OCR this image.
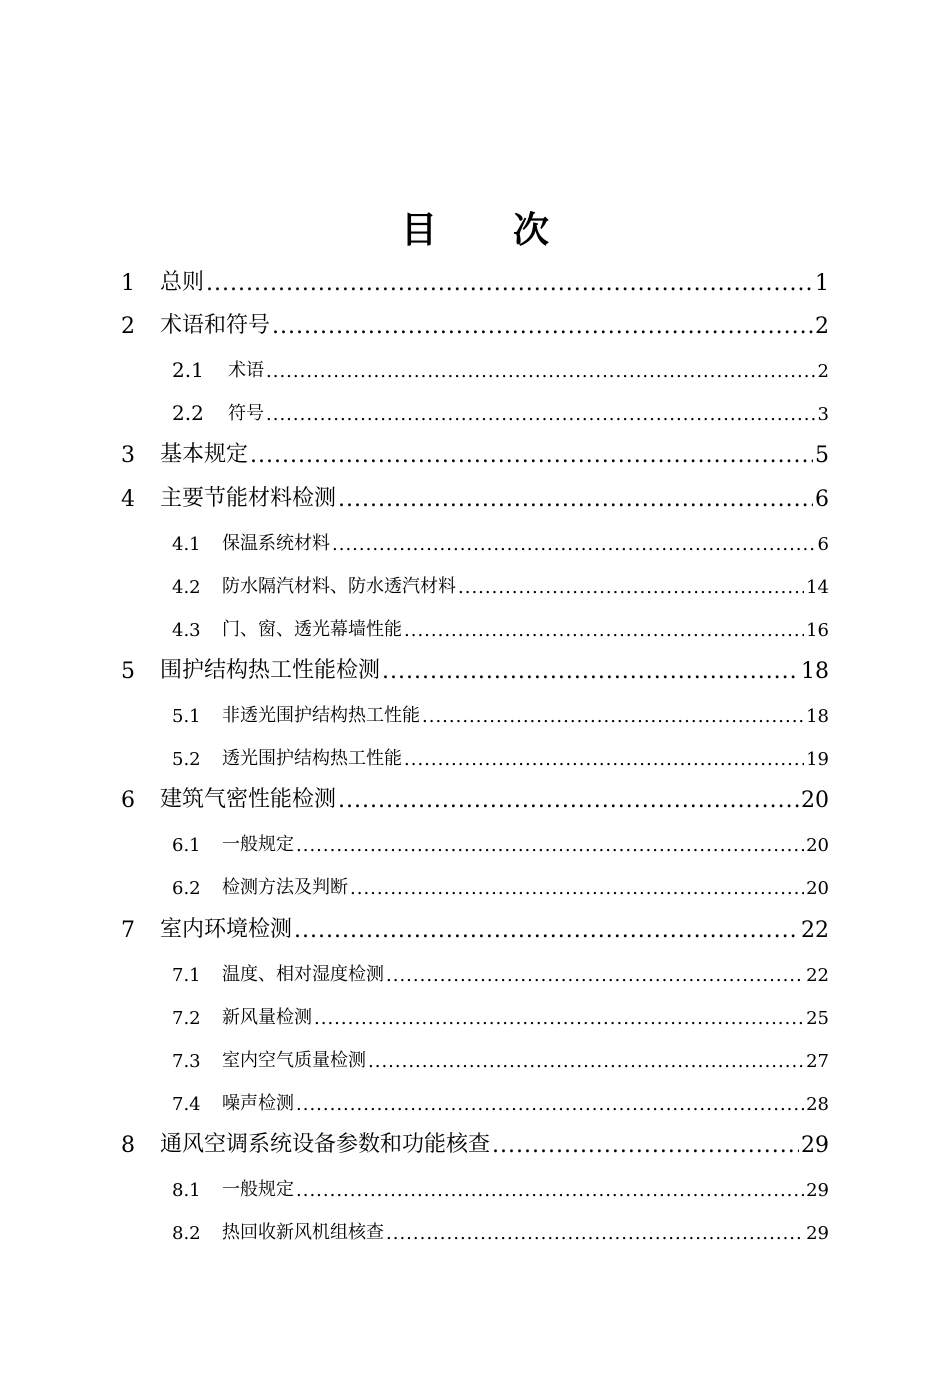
目 次
1	总则 .....	1
2	术语和符号 .....	2
2.1	术语 .....	2
2.2	符号 .....	3
3	基本规定 .....	5
4	主要节能材料检测 .....	6
4.1	保温系统材料 .....	6
4.2	防水隔汽材料、防水透汽材料 .....	14
4.3	门、窗、透光幕墙性能 .....	16
5	围护结构热工性能检测 .....	18
5.1	非透光围护结构热工性能 .....	18
5.2	透光围护结构热工性能 .....	19
6	建筑气密性能检测 .....	20
6.1	一般规定 .....	20
6.2	检测方法及判断 .....	20
7	室内环境检测 .....	22
7.1	温度、相对湿度检测 .....	22
7.2	新风量检测 .....	25
7.3	室内空气质量检测 .....	27
7.4	噪声检测 .....	28
8	通风空调系统设备参数和功能核查 .....	29
8.1	一般规定 .....	29
8.2	热回收新风机组核查 .....	29
